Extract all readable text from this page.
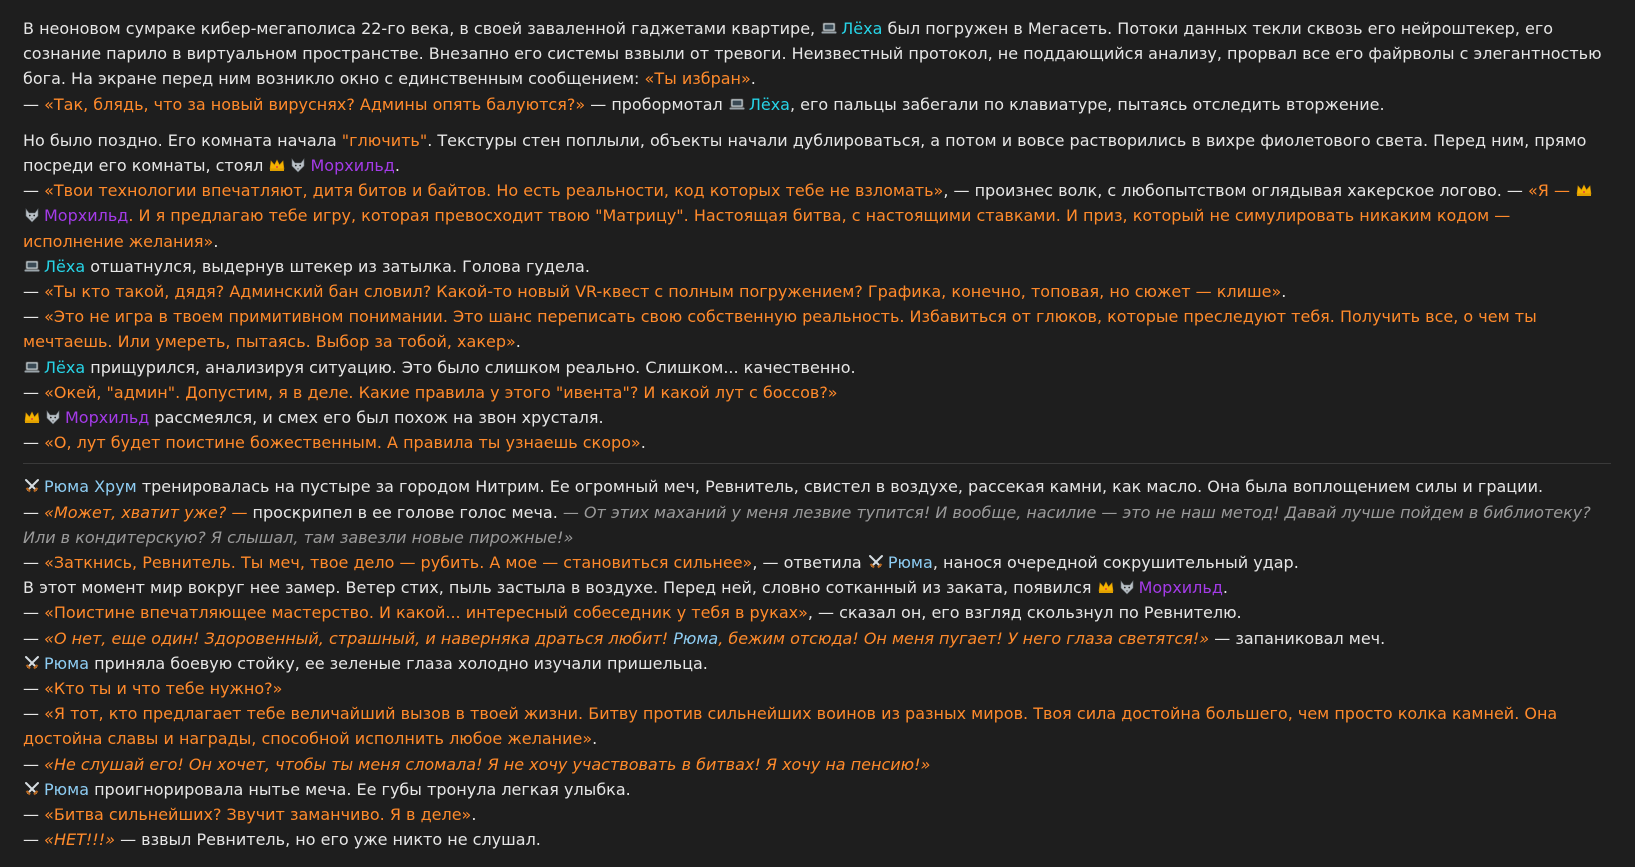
В неоновом сумраке кибер-мегаполиса 22-го века, в своей заваленной гаджетами квартире,
Лёха был погружен в Мегасеть. Потоки данных текли сквозь его нейроштекер, его сознание парило в виртуальном пространстве. Внезапно его системы взвыли от тревоги. Неизвестный протокол, не поддающийся анализу, прорвал все его файрволы с элегантностью бога. На экране перед ним возникло окно с единственным сообщением: «Ты избран».

— «Так, блядь, что за новый вируснях? Админы опять балуются?» — пробормотал
Лёха, его пальцы забегали по клавиатуре, пытаясь отследить вторжение.

Но было поздно. Его комната начала "глючить". Текстуры стен поплыли, объекты начали дублироваться, а потом и вовсе растворились в вихре фиолетового света. Перед ним, прямо посреди его комнаты, стоял	Морхильд.

— «Твои технологии впечатляют, дитя битов и байтов. Но есть реальности, код которых тебе не взломать», — произнес волк, с любопытством оглядывая хакерское логово. — «Я —
Морхильд. И я предлагаю тебе игру, которая превосходит твою "Матрицу". Настоящая битва, с настоящими ставками. И приз, который не симулировать никаким кодом — исполнение желания».

Лёха отшатнулся, выдернув штекер из затылка. Голова гудела.

— «Ты кто такой, дядя? Админский бан словил? Какой-то новый VR-квест с полным погружением? Графика, конечно, топовая, но сюжет — клише».

— «Это не игра в твоем примитивном понимании. Это шанс переписать свою собственную реальность. Избавиться от глюков, которые преследуют тебя. Получить все, о чем ты мечтаешь. Или умереть, пытаясь. Выбор за тобой, хакер».

Лёха прищурился, анализируя ситуацию. Это было слишком реально. Слишком... качественно.

— «Окей, "админ". Допустим, я в деле. Какие правила у этого "ивента"? И какой лут с боссов?»

Морхильд рассмеялся, и смех его был похож на звон хрусталя.

— «О, лут будет поистине божественным. А правила ты узнаешь скоро».

Рюма Хрум тренировалась на пустыре за городом Нитрим. Ее огромный меч, Ревнитель, свистел в воздухе, рассекая камни, как масло. Она была воплощением силы и грации.

— «Может, хватит уже? — проскрипел в ее голове голос меча. — От этих маханий у меня лезвие тупится! И вообще, насилие — это не наш метод! Давай лучше пойдем в библиотеку? Или в кондитерскую? Я слышал, там завезли новые пирожные!»

— «Заткнись, Ревнитель. Ты меч, твое дело — рубить. А мое — становиться сильнее», — ответила
Рюма, нанося очередной сокрушительный удар.

В этот момент мир вокруг нее замер. Ветер стих, пыль застыла в воздухе. Перед ней, словно сотканный из заката, появился	Морхильд.

— «Поистине впечатляющее мастерство. И какой... интересный собеседник у тебя в руках», — сказал он, его взгляд скользнул по Ревнителю.

— «О нет, еще один! Здоровенный, страшный, и наверняка драться любит! Рюма, бежим отсюда! Он меня пугает! У него глаза светятся!» — запаниковал меч.

Рюма приняла боевую стойку, ее зеленые глаза холодно изучали пришельца.

— «Кто ты и что тебе нужно?»

— «Я тот, кто предлагает тебе величайший вызов в твоей жизни. Битву против сильнейших воинов из разных миров. Твоя сила достойна большего, чем просто колка камней. Она достойна славы и награды, способной исполнить любое желание».

— «Не слушай его! Он хочет, чтобы ты меня сломала! Я не хочу участвовать в битвах! Я хочу на пенсию!»

Рюма проигнорировала нытье меча. Ее губы тронула легкая улыбка.

— «Битва сильнейших? Звучит заманчиво. Я в деле».

— «НЕТ!!!» — взвыл Ревнитель, но его уже никто не слушал.
